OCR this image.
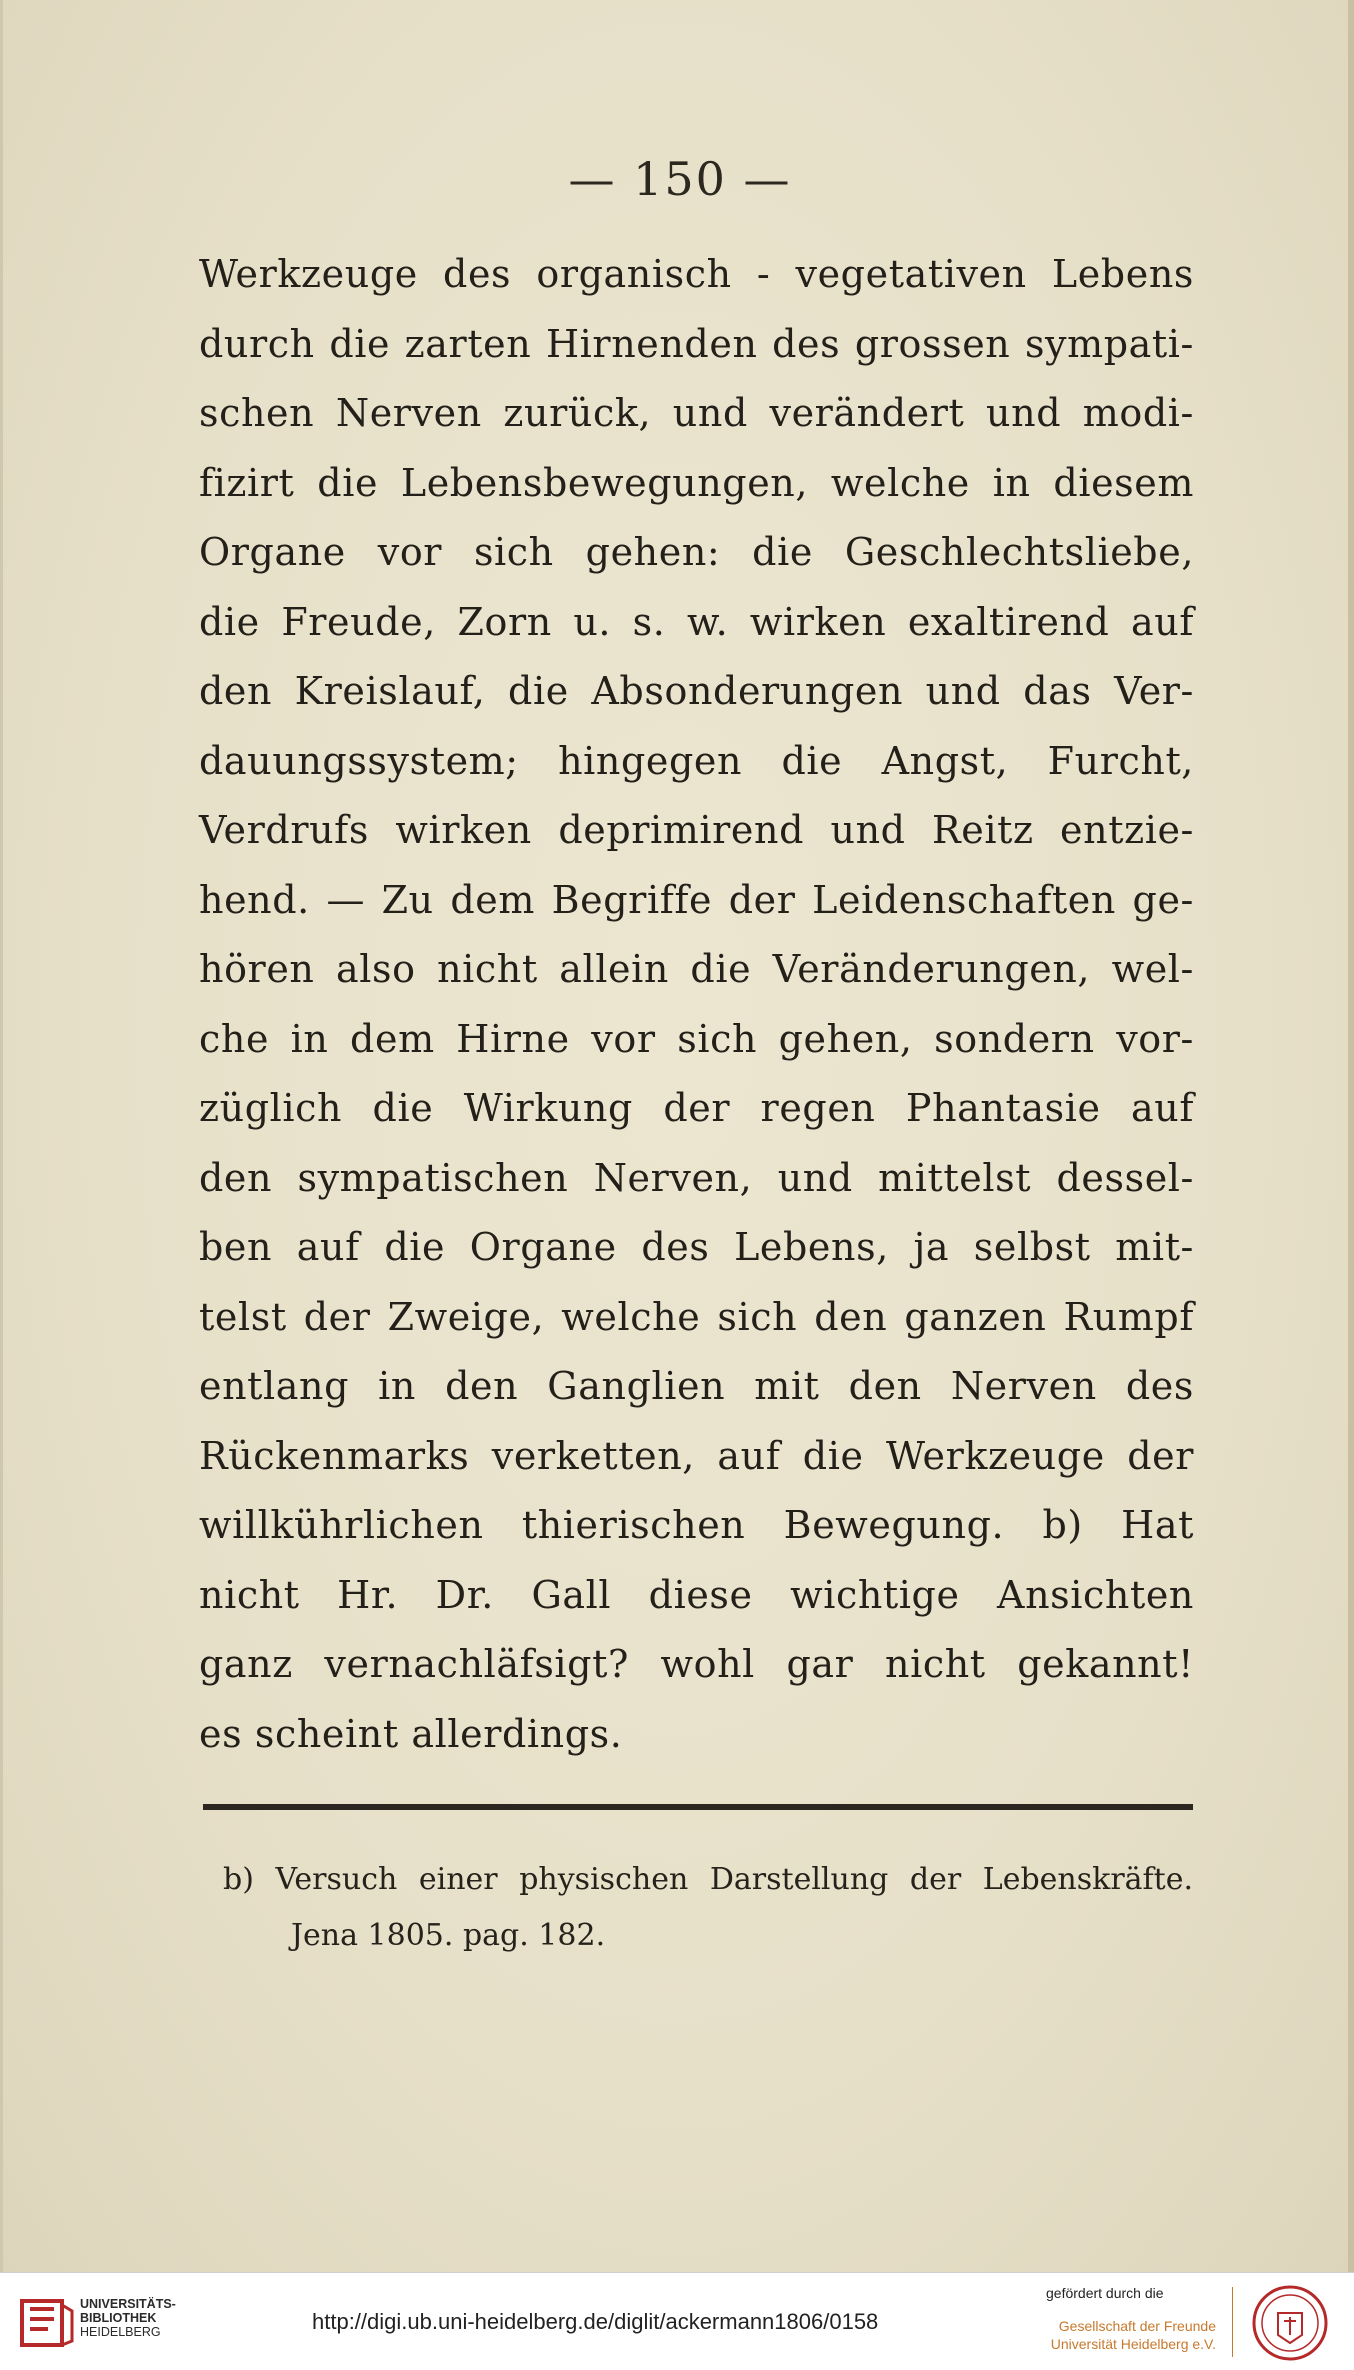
— 150 —
Werkzeuge des organisch - vegetativen Lebens
durch die zarten Hirnenden des grossen sympati-
schen Nerven zurück, und verändert und modi-
fizirt die Lebensbewegungen, welche in diesem
Organe vor sich gehen: die Geschlechtsliebe,
die Freude, Zorn u. s. w. wirken exaltirend auf
den Kreislauf, die Absonderungen und das Ver-
dauungssystem; hingegen die Angst, Furcht,
Verdrufs wirken deprimirend und Reitz entzie-
hend. — Zu dem Begriffe der Leidenschaften ge-
hören also nicht allein die Veränderungen, wel-
che in dem Hirne vor sich gehen, sondern vor-
züglich die Wirkung der regen Phantasie auf
den sympatischen Nerven, und mittelst dessel-
ben auf die Organe des Lebens, ja selbst mit-
telst der Zweige, welche sich den ganzen Rumpf
entlang in den Ganglien mit den Nerven des
Rückenmarks verketten, auf die Werkzeuge der
willkührlichen thierischen Bewegung. b) Hat
nicht Hr. Dr. Gall diese wichtige Ansichten
ganz vernachläfsigt? wohl gar nicht gekannt!
es scheint allerdings.
b) Versuch einer physischen Darstellung der Lebenskräfte.
Jena 1805. pag. 182.
UNIVERSITÄTS-
BIBLIOTHEK
HEIDELBERG	http://digi.ub.uni-heidelberg.de/diglit/ackermann1806/0158
gefördert durch die
Gesellschaft der Freunde
Universität Heidelberg e.V.
